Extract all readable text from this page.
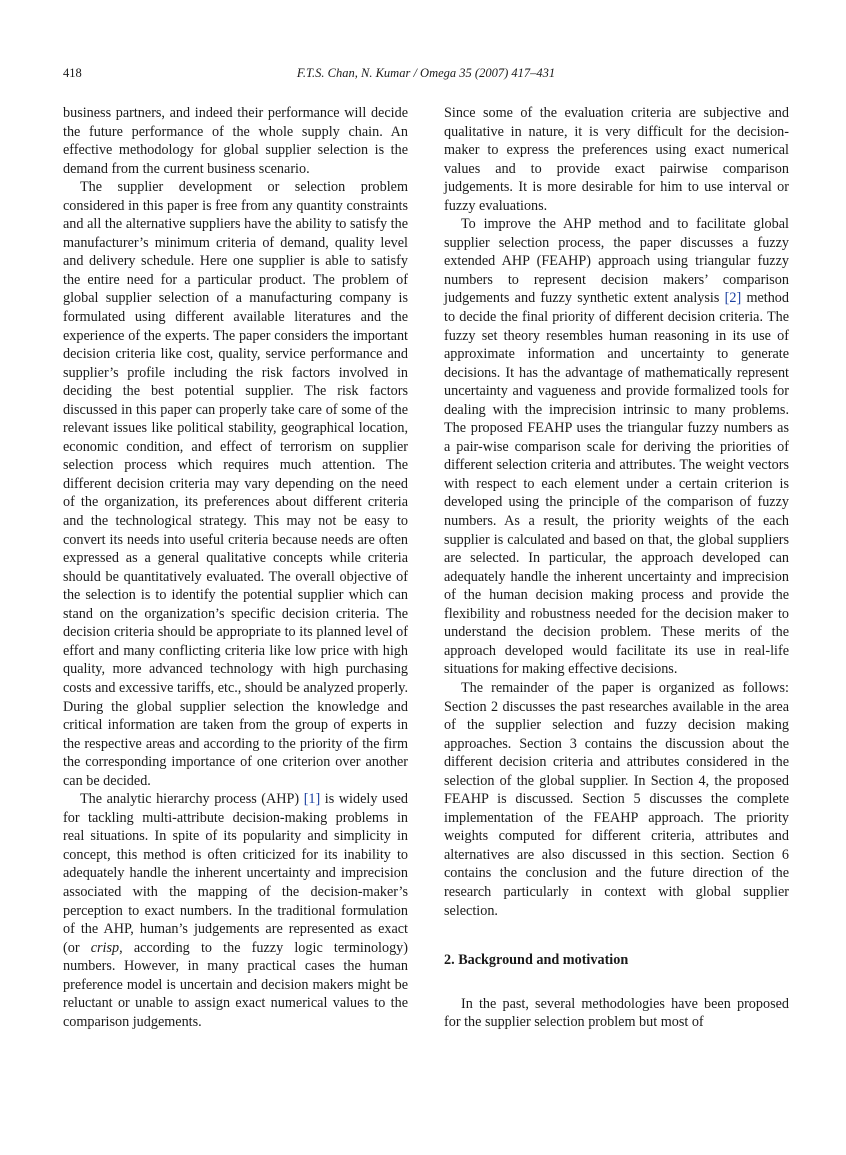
418	F.T.S. Chan, N. Kumar / Omega 35 (2007) 417–431

business partners, and indeed their performance will decide the future performance of the whole supply chain. An effective methodology for global supplier selection is the demand from the current business scenario.

The supplier development or selection problem considered in this paper is free from any quantity constraints and all the alternative suppliers have the ability to satisfy the manufacturer’s minimum criteria of demand, quality level and delivery schedule. Here one supplier is able to satisfy the entire need for a particular product. The problem of global supplier selection of a manufacturing company is formulated using different available literatures and the experience of the experts. The paper considers the important decision criteria like cost, quality, service performance and supplier’s profile including the risk factors involved in deciding the best potential supplier. The risk factors discussed in this paper can properly take care of some of the relevant issues like political stability, geographical location, economic condition, and effect of terrorism on supplier selection process which requires much attention. The different decision criteria may vary depending on the need of the organization, its preferences about different criteria and the technological strategy. This may not be easy to convert its needs into useful criteria because needs are often expressed as a general qualitative concepts while criteria should be quantitatively evaluated. The overall objective of the selection is to identify the potential supplier which can stand on the organization’s specific decision criteria. The decision criteria should be appropriate to its planned level of effort and many conflicting criteria like low price with high quality, more advanced technology with high purchasing costs and excessive tariffs, etc., should be analyzed properly. During the global supplier selection the knowledge and critical information are taken from the group of experts in the respective areas and according to the priority of the firm the corresponding importance of one criterion over another can be decided.

The analytic hierarchy process (AHP) [1] is widely used for tackling multi-attribute decision-making problems in real situations. In spite of its popularity and simplicity in concept, this method is often criticized for its inability to adequately handle the inherent uncertainty and imprecision associated with the mapping of the decision-maker’s perception to exact numbers. In the traditional formulation of the AHP, human’s judgements are represented as exact (or crisp, according to the fuzzy logic terminology) numbers. However, in many practical cases the human preference model is uncertain and decision makers might be reluctant or unable to assign exact numerical values to the comparison judgements.

Since some of the evaluation criteria are subjective and qualitative in nature, it is very difficult for the decision-maker to express the preferences using exact numerical values and to provide exact pairwise comparison judgements. It is more desirable for him to use interval or fuzzy evaluations.

To improve the AHP method and to facilitate global supplier selection process, the paper discusses a fuzzy extended AHP (FEAHP) approach using triangular fuzzy numbers to represent decision makers’ comparison judgements and fuzzy synthetic extent analysis [2] method to decide the final priority of different decision criteria. The fuzzy set theory resembles human reasoning in its use of approximate information and uncertainty to generate decisions. It has the advantage of mathematically represent uncertainty and vagueness and provide formalized tools for dealing with the imprecision intrinsic to many problems. The proposed FEAHP uses the triangular fuzzy numbers as a pair-wise comparison scale for deriving the priorities of different selection criteria and attributes. The weight vectors with respect to each element under a certain criterion is developed using the principle of the comparison of fuzzy numbers. As a result, the priority weights of the each supplier is calculated and based on that, the global suppliers are selected. In particular, the approach developed can adequately handle the inherent uncertainty and imprecision of the human decision making process and provide the flexibility and robustness needed for the decision maker to understand the decision problem. These merits of the approach developed would facilitate its use in real-life situations for making effective decisions.

The remainder of the paper is organized as follows: Section 2 discusses the past researches available in the area of the supplier selection and fuzzy decision making approaches. Section 3 contains the discussion about the different decision criteria and attributes considered in the selection of the global supplier. In Section 4, the proposed FEAHP is discussed. Section 5 discusses the complete implementation of the FEAHP approach. The priority weights computed for different criteria, attributes and alternatives are also discussed in this section. Section 6 contains the conclusion and the future direction of the research particularly in context with global supplier selection.

2. Background and motivation

In the past, several methodologies have been proposed for the supplier selection problem but most of
